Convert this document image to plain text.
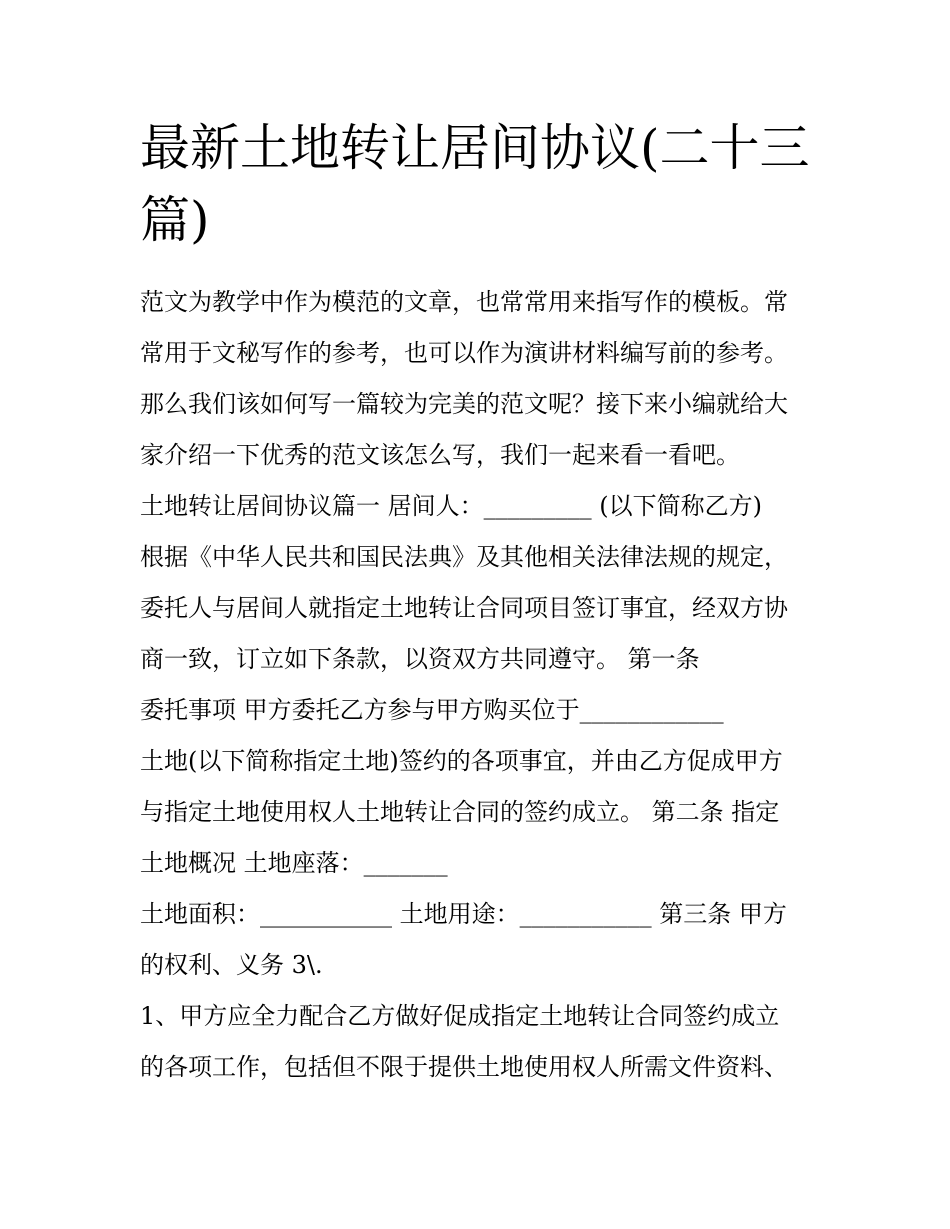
最新土地转让居间协议(二十三
篇)
范文为教学中作为模范的文章，也常常用来指写作的模板。常
常用于文秘写作的参考，也可以作为演讲材料编写前的参考。
那么我们该如何写一篇较为完美的范文呢？接下来小编就给大
家介绍一下优秀的范文该怎么写，我们一起来看一看吧。
土地转让居间协议篇一 居间人：_________ (以下简称乙方)
根据《中华人民共和国民法典》及其他相关法律法规的规定，
委托人与居间人就指定土地转让合同项目签订事宜，经双方协
商一致，订立如下条款，以资双方共同遵守。 第一条
委托事项 甲方委托乙方参与甲方购买位于____________
土地(以下简称指定土地)签约的各项事宜，并由乙方促成甲方
与指定土地使用权人土地转让合同的签约成立。 第二条 指定
土地概况 土地座落：_______
土地面积：___________ 土地用途：___________ 第三条 甲方
的权利、义务 3\.
1、甲方应全力配合乙方做好促成指定土地转让合同签约成立
的各项工作，包括但不限于提供土地使用权人所需文件资料、
